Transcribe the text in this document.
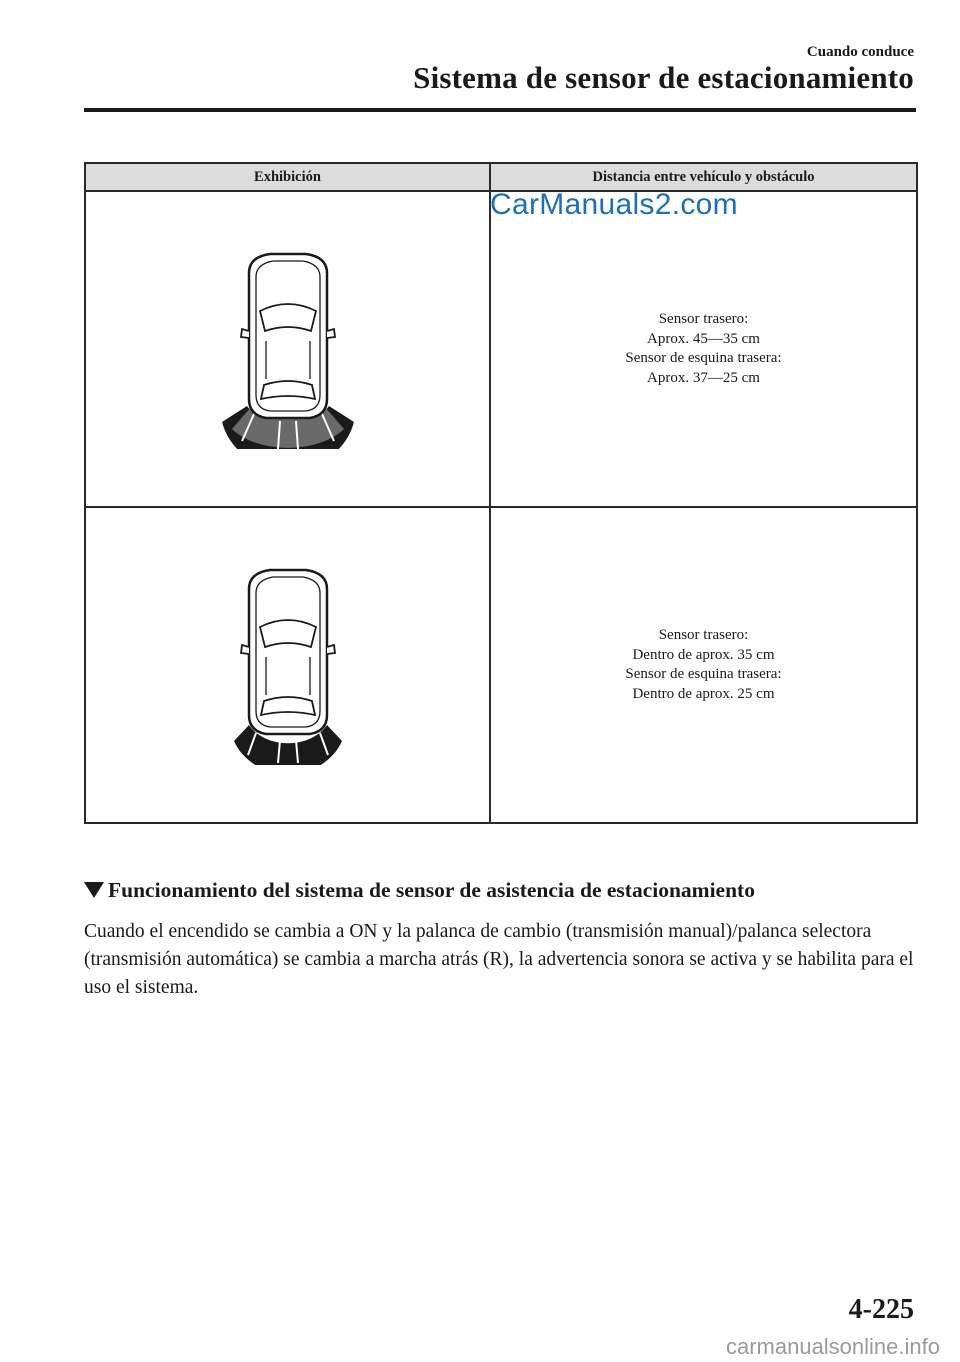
Cuando conduce
Sistema de sensor de estacionamiento
Exhibición	Distancia entre vehículo y obstáculo

Sensor trasero:
Aprox. 45—35 cm
Sensor de esquina trasera:
Aprox. 37—25 cm

Sensor trasero:
Dentro de aprox. 35 cm
Sensor de esquina trasera:
Dentro de aprox. 25 cm
CarManuals2.com
Funcionamiento del sistema de sensor de asistencia de estacionamiento
Cuando el encendido se cambia a ON y la palanca de cambio (transmisión manual)/palanca selectora (transmisión automática) se cambia a marcha atrás (R), la advertencia sonora se activa y se habilita para el uso el sistema.
4-225
carmanualsonline.info
